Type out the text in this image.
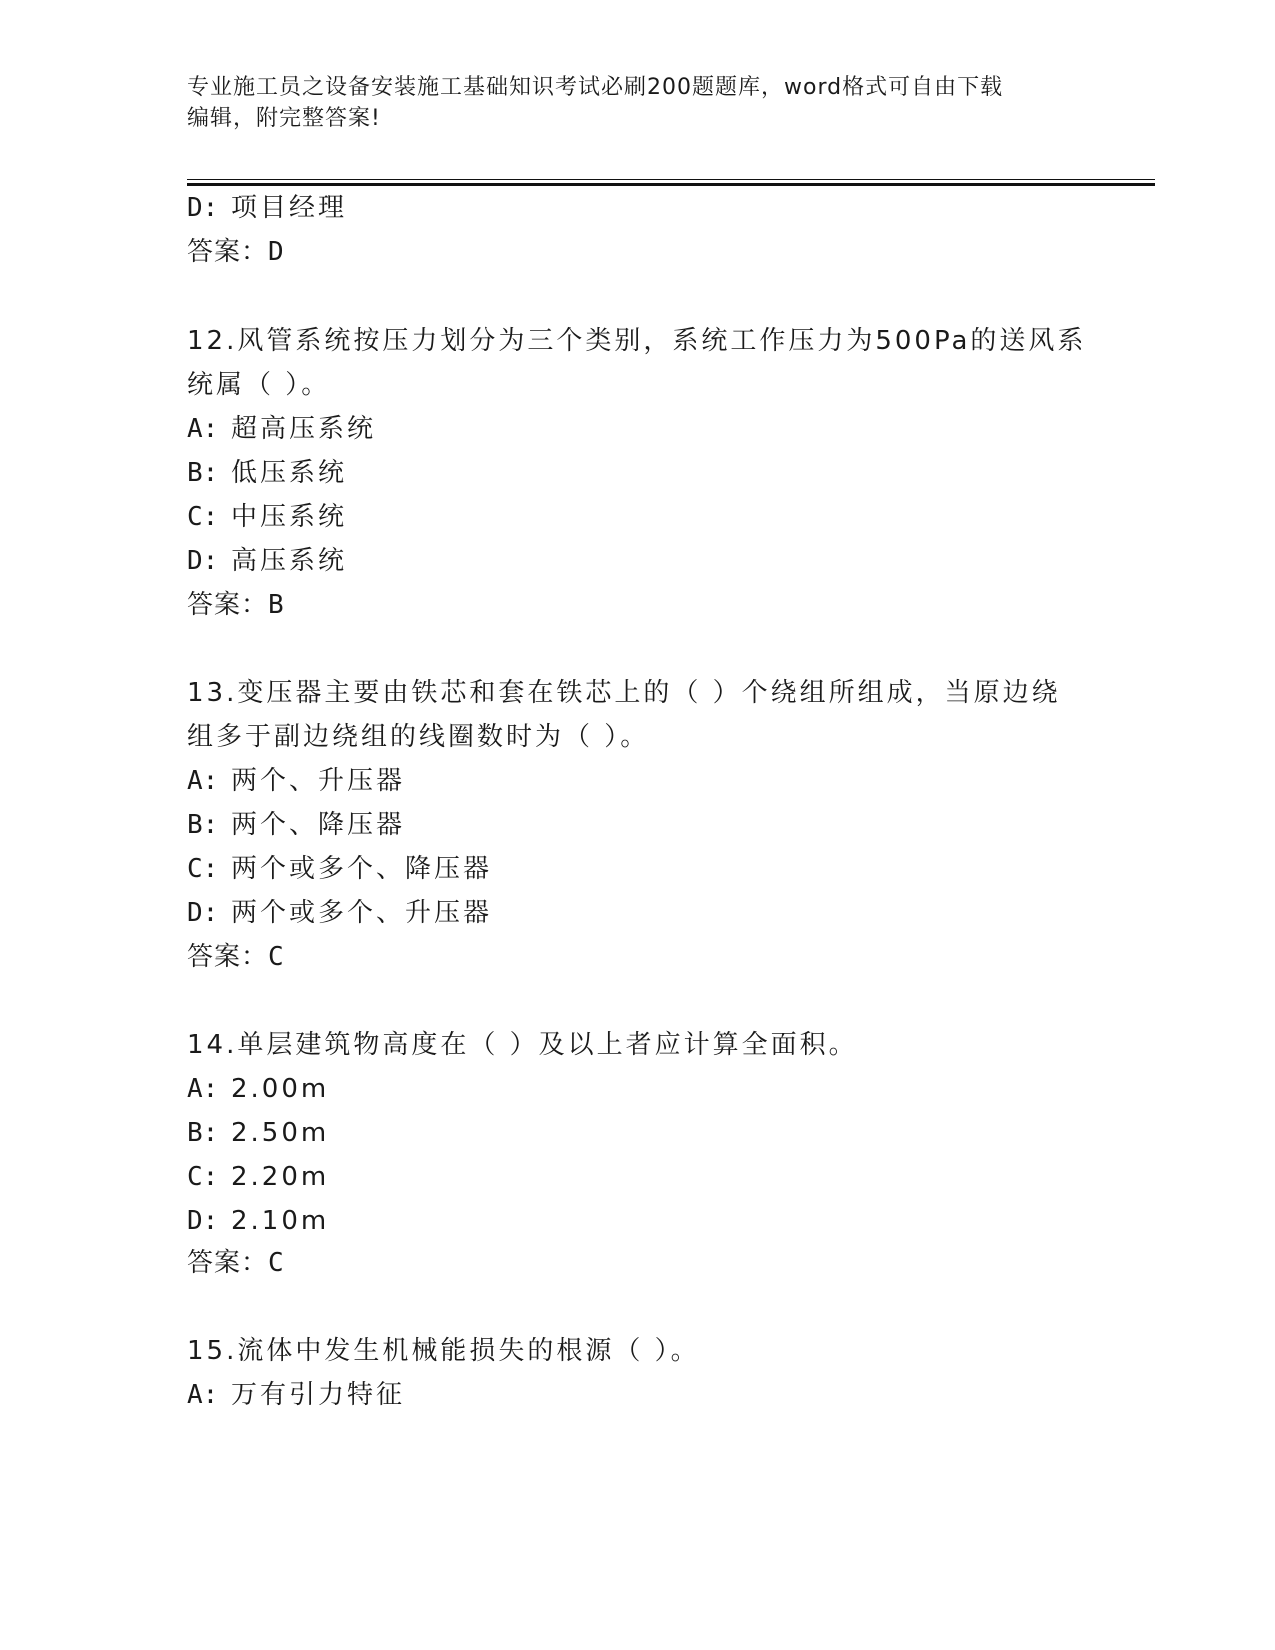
专业施工员之设备安装施工基础知识考试必刷200题题库，word格式可自由下载
编辑，附完整答案!
D: 项目经理
答案：D
12.风管系统按压力划分为三个类别，系统工作压力为500Pa的送风系
统属（ ）。
A: 超高压系统
B: 低压系统
C: 中压系统
D: 高压系统
答案：B
13.变压器主要由铁芯和套在铁芯上的（ ）个绕组所组成，当原边绕
组多于副边绕组的线圈数时为（ ）。
A: 两个、升压器
B: 两个、降压器
C: 两个或多个、降压器
D: 两个或多个、升压器
答案：C
14.单层建筑物高度在（ ）及以上者应计算全面积。
A: 2.00m
B: 2.50m
C: 2.20m
D: 2.10m
答案：C
15.流体中发生机械能损失的根源（ ）。
A: 万有引力特征
